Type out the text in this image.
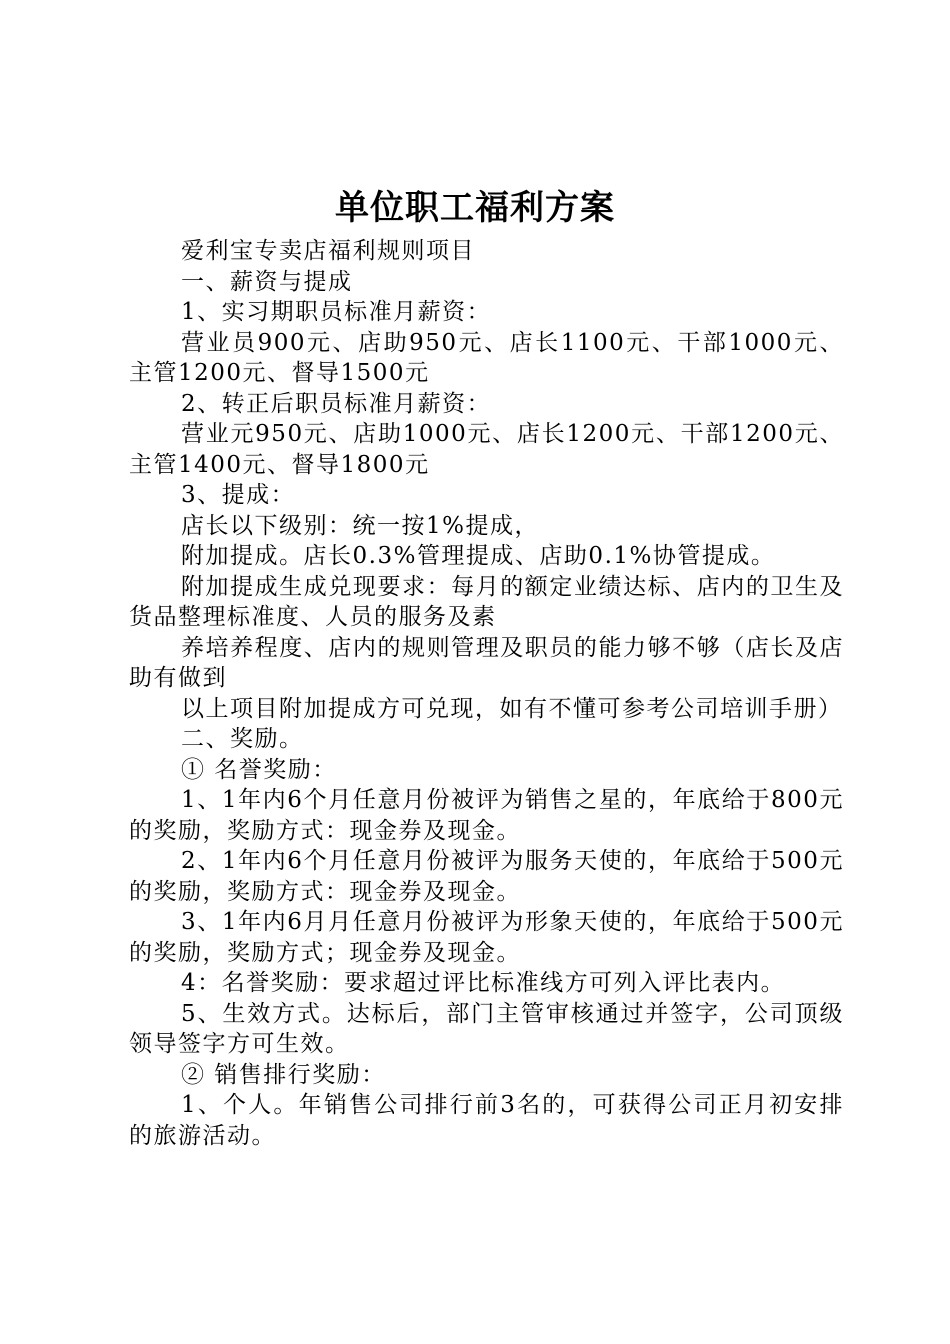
单位职工福利方案

爱利宝专卖店福利规则项目

一、薪资与提成

1、实习期职员标准月薪资：

营业员900元、店助950元、店长1100元、干部1000元、主管1200元、督导1500元

2、转正后职员标准月薪资：

营业元950元、店助1000元、店长1200元、干部1200元、主管1400元、督导1800元

3、提成：

店长以下级别：统一按1%提成，

附加提成。店长0.3%管理提成、店助0.1%协管提成。

附加提成生成兑现要求：每月的额定业绩达标、店内的卫生及货品整理标准度、人员的服务及素

养培养程度、店内的规则管理及职员的能力够不够（店长及店助有做到

以上项目附加提成方可兑现，如有不懂可参考公司培训手册）

二、奖励。

① 名誉奖励：

1、1年内6个月任意月份被评为销售之星的，年底给于800元的奖励，奖励方式：现金券及现金。

2、1年内6个月任意月份被评为服务天使的，年底给于500元的奖励，奖励方式：现金券及现金。

3、1年内6月月任意月份被评为形象天使的，年底给于500元的奖励，奖励方式；现金券及现金。

4：名誉奖励：要求超过评比标准线方可列入评比表内。

5、生效方式。达标后，部门主管审核通过并签字，公司顶级领导签字方可生效。

② 销售排行奖励：

1、个人。年销售公司排行前3名的，可获得公司正月初安排的旅游活动。
